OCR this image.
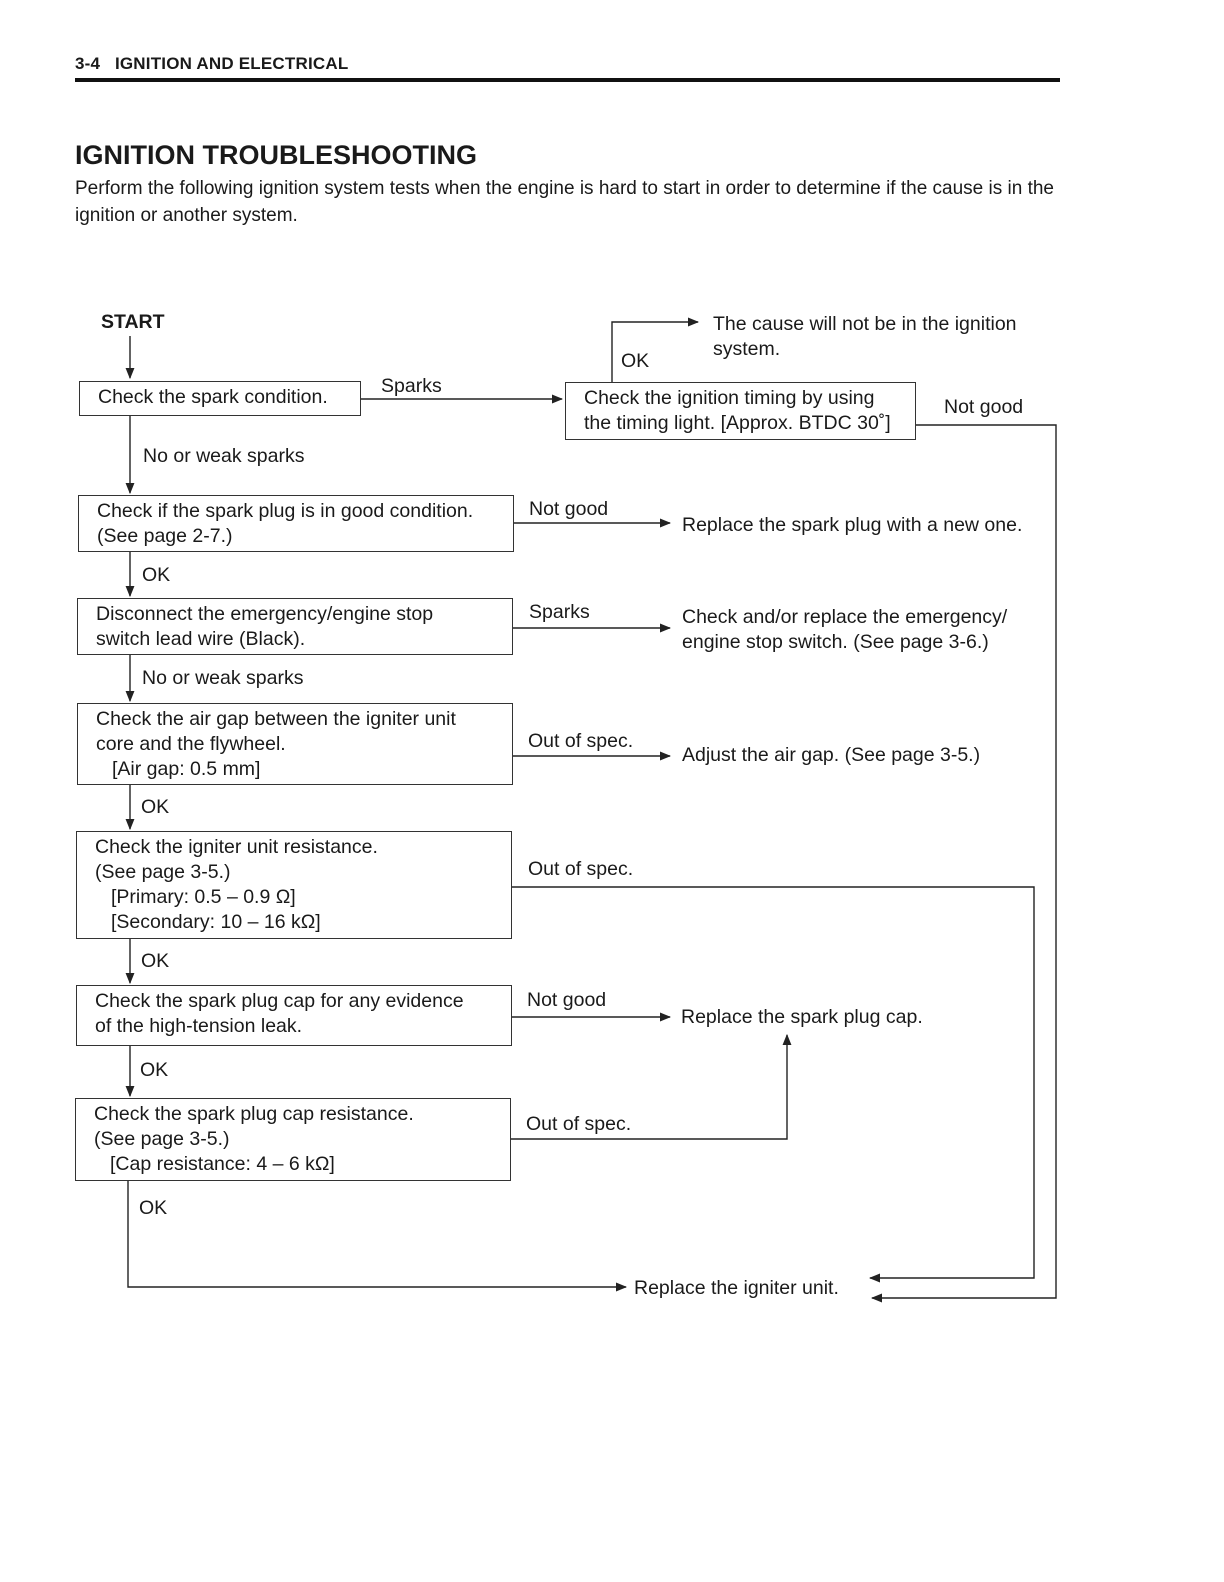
3-4 IGNITION AND ELECTRICAL
IGNITION TROUBLESHOOTING
Perform the following ignition system tests when the engine is hard to start in order to determine if the cause is in the ignition or another system.
START
Check the spark condition.	Check the ignition timing by using
the timing light. [Approx. BTDC 30˚]
Check if the spark plug is in good condition.
(See page 2-7.)
Disconnect the emergency/engine stop
switch lead wire (Black).
Check the air gap between the igniter unit
core and the flywheel.
[Air gap: 0.5 mm]
Check the igniter unit resistance.
(See page 3-5.)
[Primary: 0.5 – 0.9 Ω]
[Secondary: 10 – 16 kΩ]
Check the spark plug cap for any evidence
of the high-tension leak.
Check the spark plug cap resistance.
(See page 3-5.)
[Cap resistance: 4 – 6 kΩ]
The cause will not be in the ignition
system.
Replace the spark plug with a new one.
Check and/or replace the emergency/
engine stop switch. (See page 3-6.)
Adjust the air gap. (See page 3-5.)
Replace the spark plug cap.
Replace the igniter unit.
Sparks
OK
Not good
No or weak sparks
Not good
OK
Sparks
No or weak sparks
Out of spec.
OK
Out of spec.
OK
Not good
OK
Out of spec.
OK
